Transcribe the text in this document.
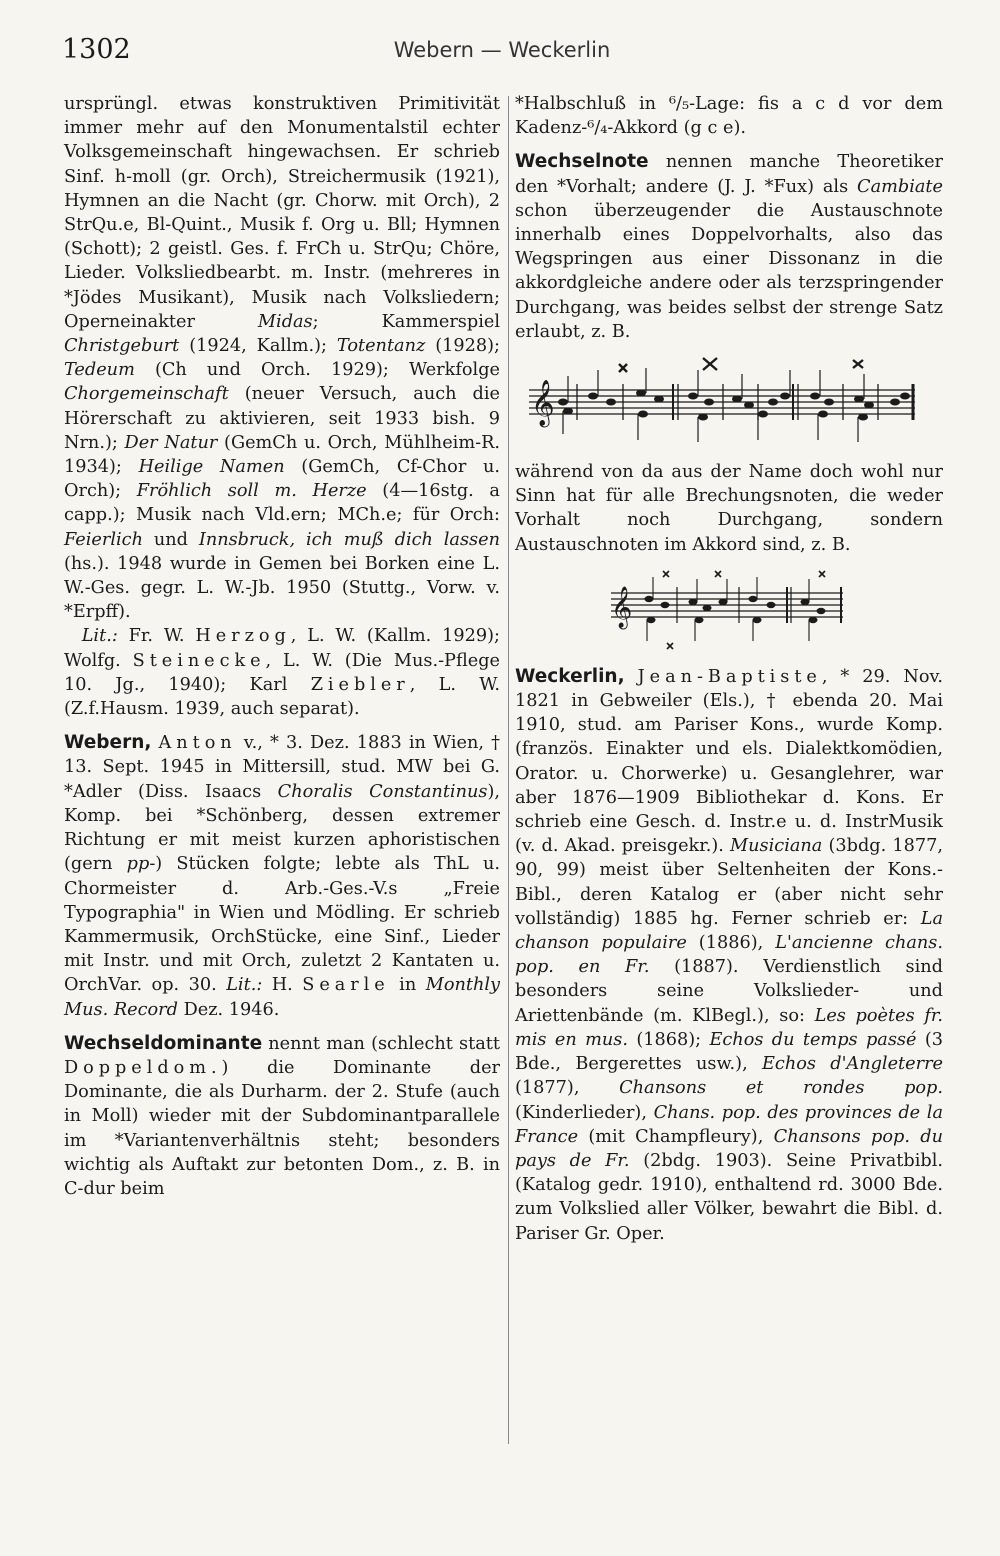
1302	Webern — Weckerlin

ursprüngl. etwas konstruktiven Primitivität immer mehr auf den Monumentalstil echter Volksgemeinschaft hingewachsen. Er schrieb Sinf. h-moll (gr. Orch), Streichermusik (1921), Hymnen an die Nacht (gr. Chorw. mit Orch), 2 StrQu.e, Bl-Quint., Musik f. Org u. Bll; Hymnen (Schott); 2 geistl. Ges. f. FrCh u. StrQu; Chöre, Lieder. Volksliedbearbt. m. Instr. (mehreres in *Jödes Musikant), Musik nach Volksliedern; Operneinakter Midas; Kammerspiel Christgeburt (1924, Kallm.); Totentanz (1928); Tedeum (Ch und Orch. 1929); Werkfolge Chorgemeinschaft (neuer Versuch, auch die Hörerschaft zu aktivieren, seit 1933 bish. 9 Nrn.); Der Natur (GemCh u. Orch, Mühlheim-R. 1934); Heilige Namen (GemCh, Cf-Chor u. Orch); Fröhlich soll m. Herze (4—16stg. a capp.); Musik nach Vld.ern; MCh.e; für Orch: Feierlich und Innsbruck, ich muß dich lassen (hs.). 1948 wurde in Gemen bei Borken eine L. W.-Ges. gegr. L. W.-Jb. 1950 (Stuttg., Vorw. v. *Erpff).
 Lit.: Fr. W. Herzog, L. W. (Kallm. 1929); Wolfg. Steinecke, L. W. (Die Mus.-Pflege 10. Jg., 1940); Karl Ziebler, L. W. (Z.f.Hausm. 1939, auch separat).

Webern, Anton v., * 3. Dez. 1883 in Wien, † 13. Sept. 1945 in Mittersill, stud. MW bei G. *Adler (Diss. Isaacs Choralis Constantinus), Komp. bei *Schönberg, dessen extremer Richtung er mit meist kurzen aphoristischen (gern pp-) Stücken folgte; lebte als ThL u. Chormeister d. Arb.-Ges.-V.s „Freie Typographia" in Wien und Mödling. Er schrieb Kammermusik, OrchStücke, eine Sinf., Lieder mit Instr. und mit Orch, zuletzt 2 Kantaten u. OrchVar. op. 30. Lit.: H. Searle in Monthly Mus. Record Dez. 1946.

Wechseldominante nennt man (schlecht statt Doppeldom.) die Dominante der Dominante, die als Durharm. der 2. Stufe (auch in Moll) wieder mit der Subdominantparallele im *Variantenverhältnis steht; besonders wichtig als Auftakt zur betonten Dom., z. B. in C-dur beim

*Halbschluß in ⁶/₅-Lage: fis a c d vor dem Kadenz-⁶/₄-Akkord (g c e).

Wechselnote nennen manche Theoretiker den *Vorhalt; andere (J. J. *Fux) als Cambiate schon überzeugender die Austauschnote innerhalb eines Doppelvorhalts, also das Wegspringen aus einer Dissonanz in die akkordgleiche andere oder als terzspringender Durchgang, was beides selbst der strenge Satz erlaubt, z. B.

𝄞

während von da aus der Name doch wohl nur Sinn hat für alle Brechungsnoten, die weder Vorhalt noch Durchgang, sondern Austauschnoten im Akkord sind, z. B.

𝄞

Weckerlin, Jean-Baptiste, * 29. Nov. 1821 in Gebweiler (Els.), † ebenda 20. Mai 1910, stud. am Pariser Kons., wurde Komp. (französ. Einakter und els. Dialektkomödien, Orator. u. Chorwerke) u. Gesanglehrer, war aber 1876—1909 Bibliothekar d. Kons. Er schrieb eine Gesch. d. Instr.e u. d. InstrMusik (v. d. Akad. preisgekr.). Musiciana (3bdg. 1877, 90, 99) meist über Seltenheiten der Kons.-Bibl., deren Katalog er (aber nicht sehr vollständig) 1885 hg. Ferner schrieb er: La chanson populaire (1886), L'ancienne chans. pop. en Fr. (1887). Verdienstlich sind besonders seine Volkslieder- und Ariettenbände (m. KlBegl.), so: Les poètes fr. mis en mus. (1868); Echos du temps passé (3 Bde., Bergerettes usw.), Echos d'Angleterre (1877), Chansons et rondes pop. (Kinderlieder), Chans. pop. des provinces de la France (mit Champfleury), Chansons pop. du pays de Fr. (2bdg. 1903). Seine Privatbibl. (Katalog gedr. 1910), enthaltend rd. 3000 Bde. zum Volkslied aller Völker, bewahrt die Bibl. d. Pariser Gr. Oper.
